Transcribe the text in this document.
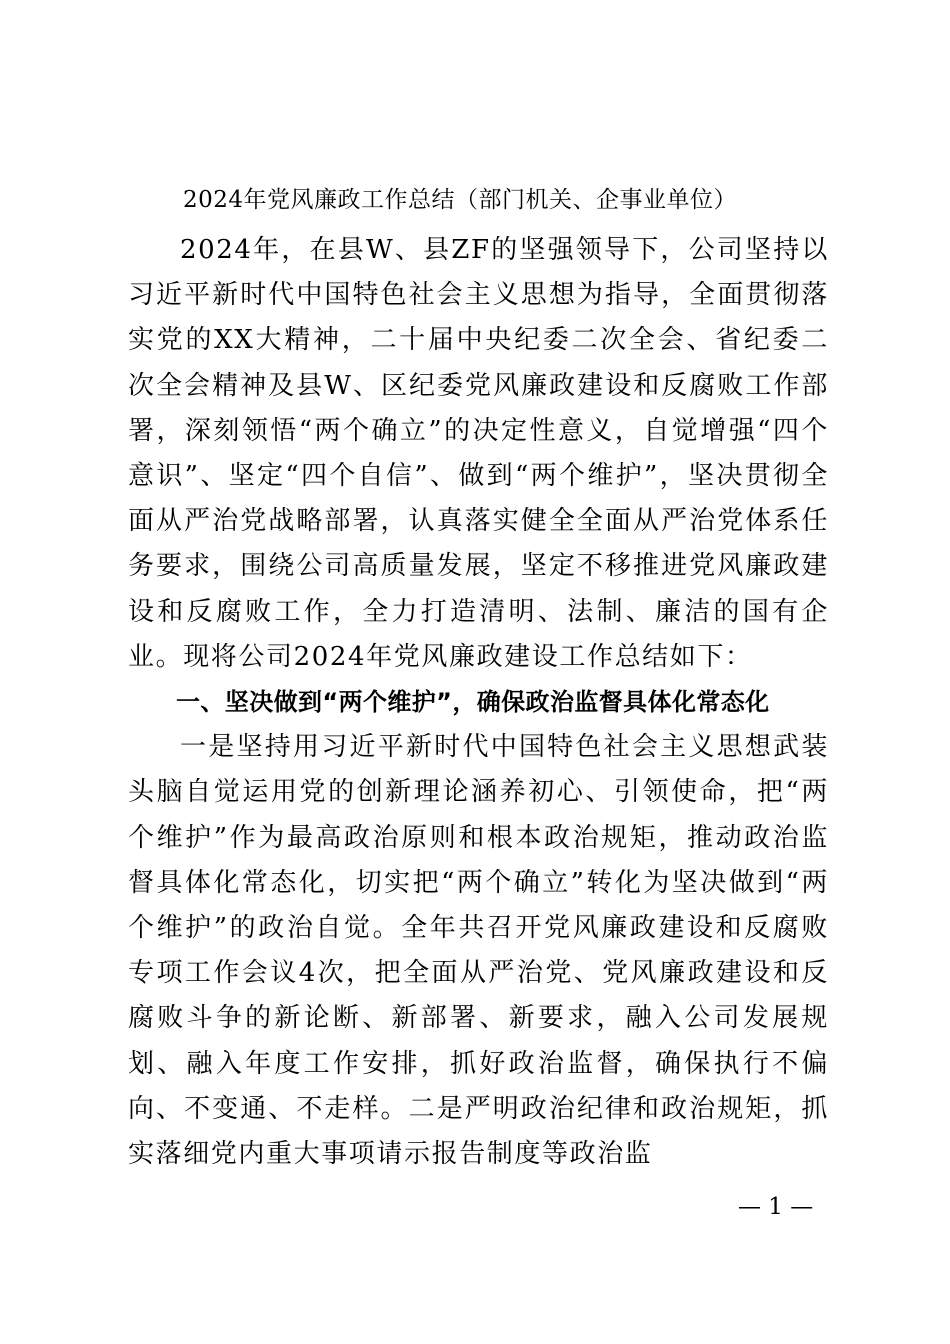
2024年党风廉政工作总结（部门机关、企事业单位）

2024年，在县W、县ZF的坚强领导下，公司坚持以习近平新时代中国特色社会主义思想为指导，全面贯彻落实党的XX大精神，二十届中央纪委二次全会、省纪委二次全会精神及县W、区纪委党风廉政建设和反腐败工作部署，深刻领悟“两个确立”的决定性意义，自觉增强“四个意识”、坚定“四个自信”、做到“两个维护”，坚决贯彻全面从严治党战略部署，认真落实健全全面从严治党体系任务要求，围绕公司高质量发展，坚定不移推进党风廉政建设和反腐败工作，全力打造清明、法制、廉洁的国有企业。现将公司2024年党风廉政建设工作总结如下：

一、坚决做到“两个维护”，确保政治监督具体化常态化

一是坚持用习近平新时代中国特色社会主义思想武装头脑自觉运用党的创新理论涵养初心、引领使命，把“两个维护”作为最高政治原则和根本政治规矩，推动政治监督具体化常态化，切实把“两个确立”转化为坚决做到“两个维护”的政治自觉。全年共召开党风廉政建设和反腐败专项工作会议4次，把全面从严治党、党风廉政建设和反腐败斗争的新论断、新部署、新要求，融入公司发展规划、融入年度工作安排，抓好政治监督，确保执行不偏向、不变通、不走样。二是严明政治纪律和政治规矩，抓实落细党内重大事项请示报告制度等政治监

— 1 —
